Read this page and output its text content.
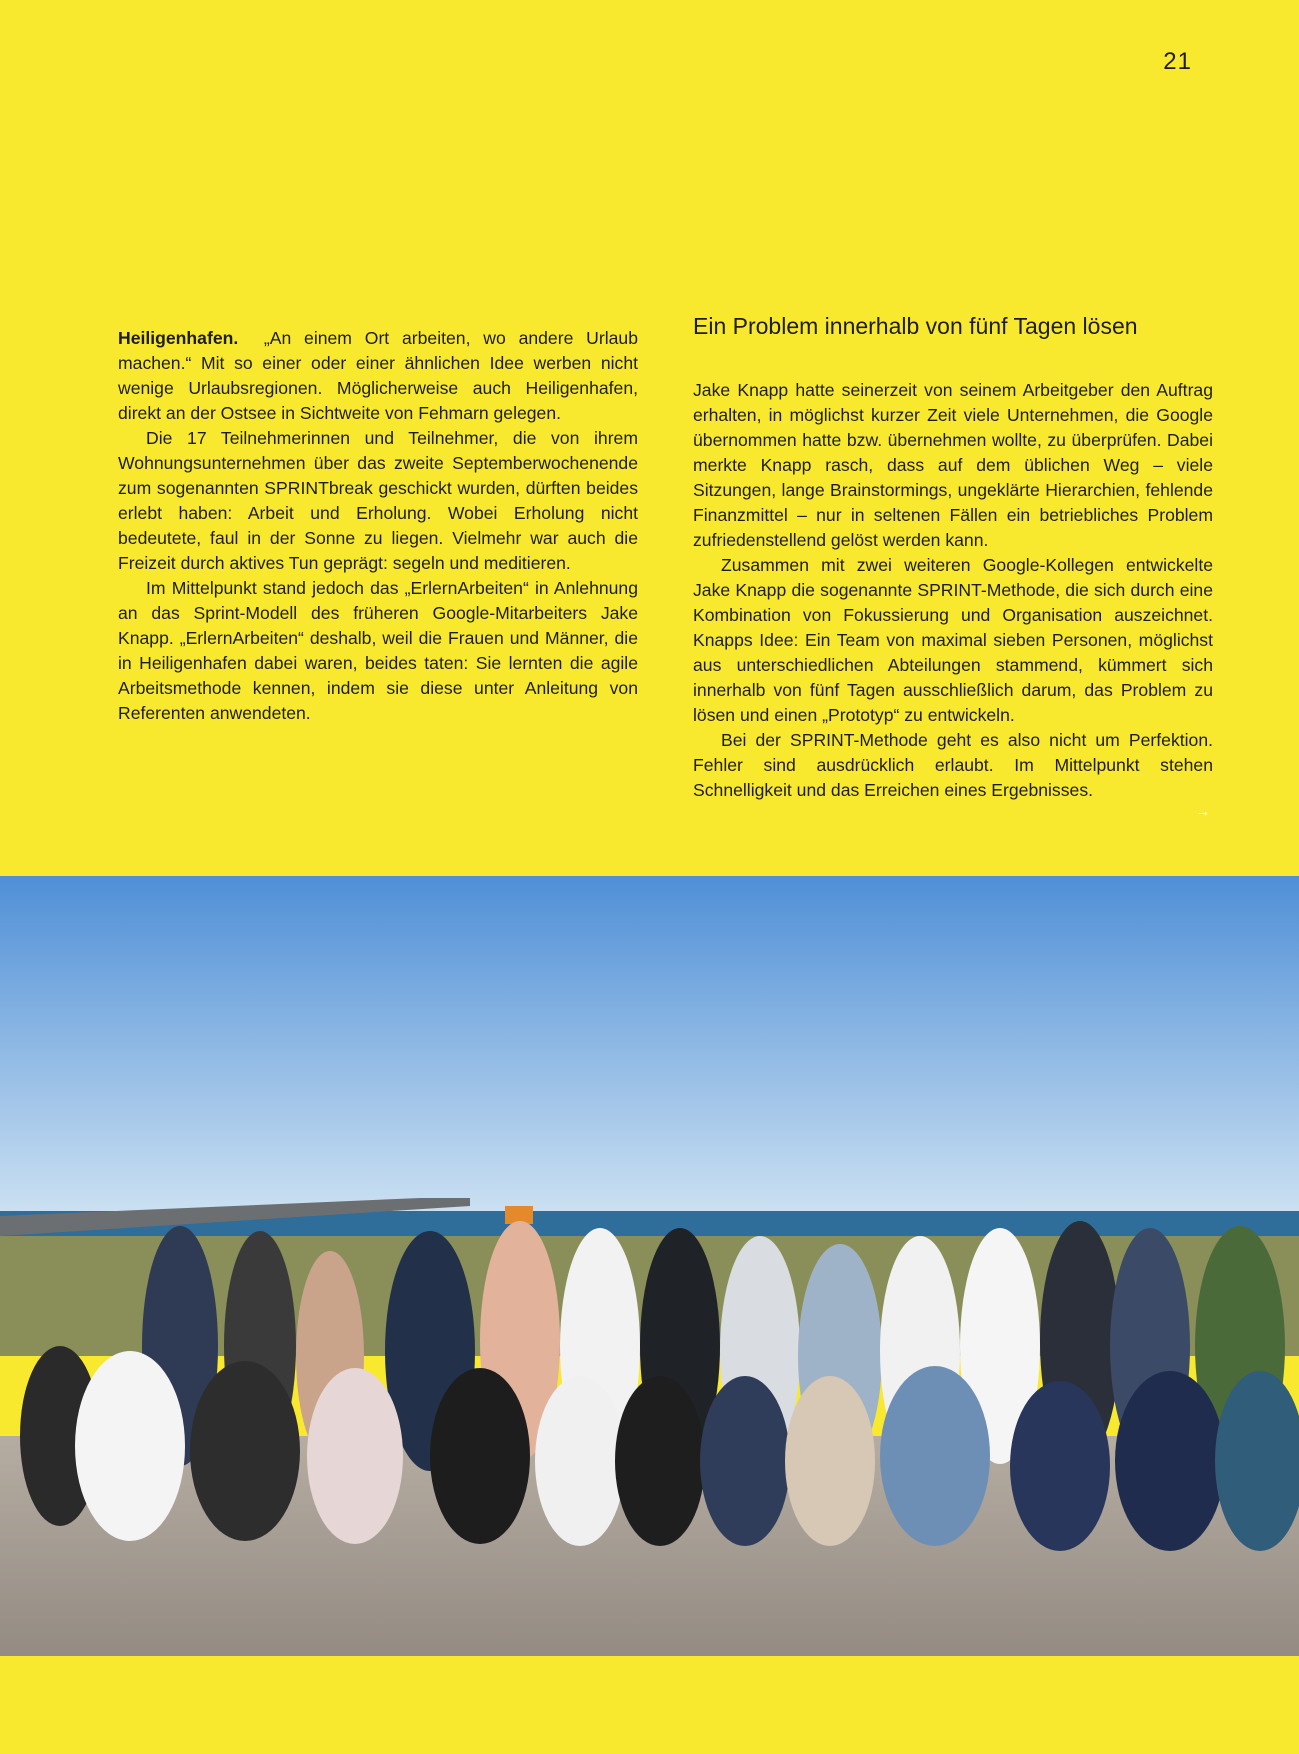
21

Heiligenhafen. „An einem Ort arbeiten, wo andere Urlaub machen.“ Mit so einer oder einer ähnlichen Idee werben nicht wenige Urlaubsregionen. Möglicherweise auch Heiligenhafen, direkt an der Ostsee in Sichtweite von Fehmarn gelegen.

Die 17 Teilnehmerinnen und Teilnehmer, die von ihrem Wohnungsunternehmen über das zweite Septemberwochenende zum sogenannten SPRINTbreak geschickt wurden, dürften beides erlebt haben: Arbeit und Erholung. Wobei Erholung nicht bedeutete, faul in der Sonne zu liegen. Vielmehr war auch die Freizeit durch aktives Tun geprägt: segeln und meditieren.

Im Mittelpunkt stand jedoch das „ErlernArbeiten“ in Anlehnung an das Sprint-Modell des früheren Google-Mitarbeiters Jake Knapp. „ErlernArbeiten“ deshalb, weil die Frauen und Männer, die in Heiligenhafen dabei waren, beides taten: Sie lernten die agile Arbeitsmethode kennen, indem sie diese unter Anleitung von Referenten anwendeten.

Ein Problem innerhalb von fünf Tagen lösen

Jake Knapp hatte seinerzeit von seinem Arbeitgeber den Auftrag erhalten, in möglichst kurzer Zeit viele Unternehmen, die Google übernommen hatte bzw. übernehmen wollte, zu überprüfen. Dabei merkte Knapp rasch, dass auf dem üblichen Weg – viele Sitzungen, lange Brainstormings, ungeklärte Hierarchien, fehlende Finanzmittel – nur in seltenen Fällen ein betriebliches Problem zufriedenstellend gelöst werden kann.

Zusammen mit zwei weiteren Google-Kollegen entwickelte Jake Knapp die sogenannte SPRINT-Methode, die sich durch eine Kombination von Fokussierung und Organisation auszeichnet. Knapps Idee: Ein Team von maximal sieben Personen, möglichst aus unterschiedlichen Abteilungen stammend, kümmert sich innerhalb von fünf Tagen ausschließlich darum, das Problem zu lösen und einen „Prototyp“ zu entwickeln.

Bei der SPRINT-Methode geht es also nicht um Perfektion. Fehler sind ausdrücklich erlaubt. Im Mittelpunkt stehen Schnelligkeit und das Erreichen eines Ergebnisses.

→
